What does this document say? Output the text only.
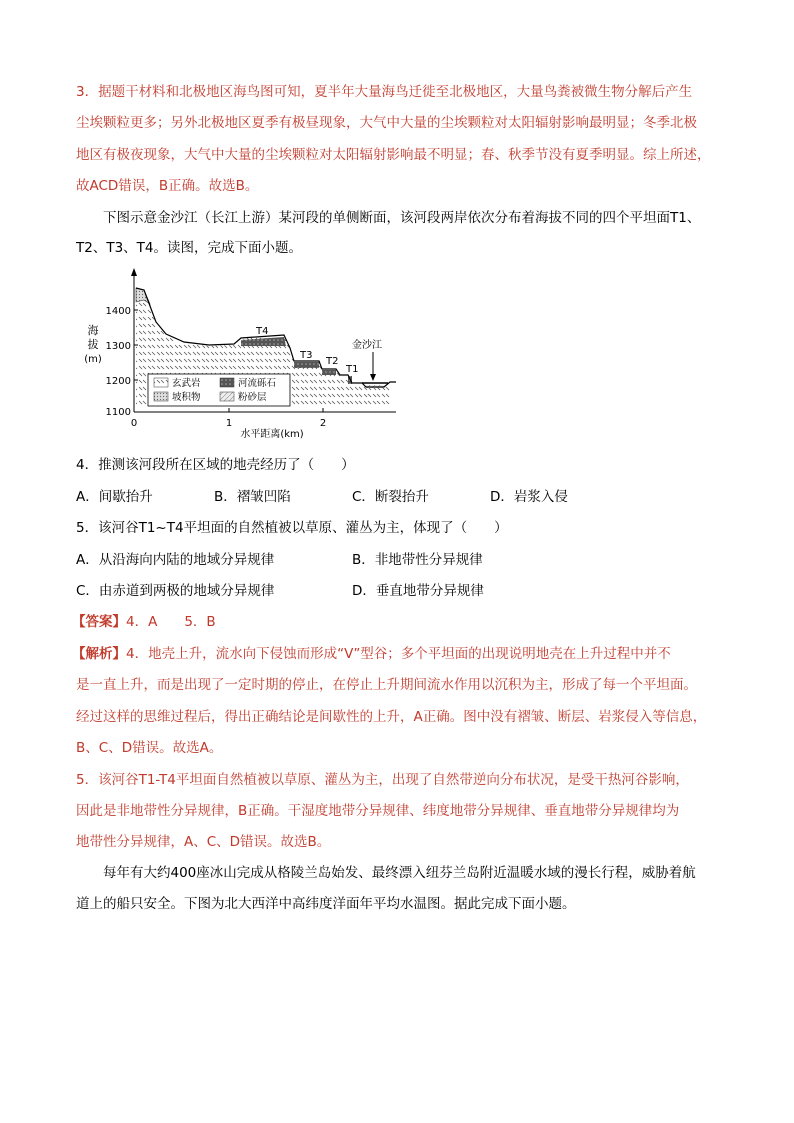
3．据题干材料和北极地区海鸟图可知，夏半年大量海鸟迁徙至北极地区，大量鸟粪被微生物分解后产生
尘埃颗粒更多；另外北极地区夏季有极昼现象，大气中大量的尘埃颗粒对太阳辐射影响最明显；冬季北极
地区有极夜现象，大气中大量的尘埃颗粒对太阳辐射影响最不明显；春、秋季节没有夏季明显。综上所述，
故ACD错误，B正确。故选B。
下图示意金沙江（长江上游）某河段的单侧断面，该河段两岸依次分布着海拔不同的四个平坦面T1、
T2、T3、T4。读图，完成下面小题。
1400
1300
1200
1100
海
拔
(m)
0	1	2
水平距离(km)
T4
T3
T2
T1
金沙江
玄武岩	河流砾石
坡积物	粉砂层
4．推测该河段所在区域的地壳经历了（　　）
A．间歇抬升	B．褶皱凹陷	C．断裂抬升	D．岩浆入侵
5．该河谷T1~T4平坦面的自然植被以草原、灌丛为主，体现了（　　）
A．从沿海向内陆的地域分异规律	B．非地带性分异规律
C．由赤道到两极的地域分异规律	D．垂直地带分异规律
【答案】4．A　　5．B
【解析】4．地壳上升，流水向下侵蚀而形成“V”型谷；多个平坦面的出现说明地壳在上升过程中并不
是一直上升，而是出现了一定时期的停止，在停止上升期间流水作用以沉积为主，形成了每一个平坦面。
经过这样的思维过程后，得出正确结论是间歇性的上升，A正确。图中没有褶皱、断层、岩浆侵入等信息，
B、C、D错误。故选A。
5．该河谷T1-T4平坦面自然植被以草原、灌丛为主，出现了自然带逆向分布状况，是受干热河谷影响，
因此是非地带性分异规律，B正确。干湿度地带分异规律、纬度地带分异规律、垂直地带分异规律均为
地带性分异规律，A、C、D错误。故选B。
每年有大约400座冰山完成从格陵兰岛始发、最终漂入纽芬兰岛附近温暖水域的漫长行程，威胁着航
道上的船只安全。下图为北大西洋中高纬度洋面年平均水温图。据此完成下面小题。
